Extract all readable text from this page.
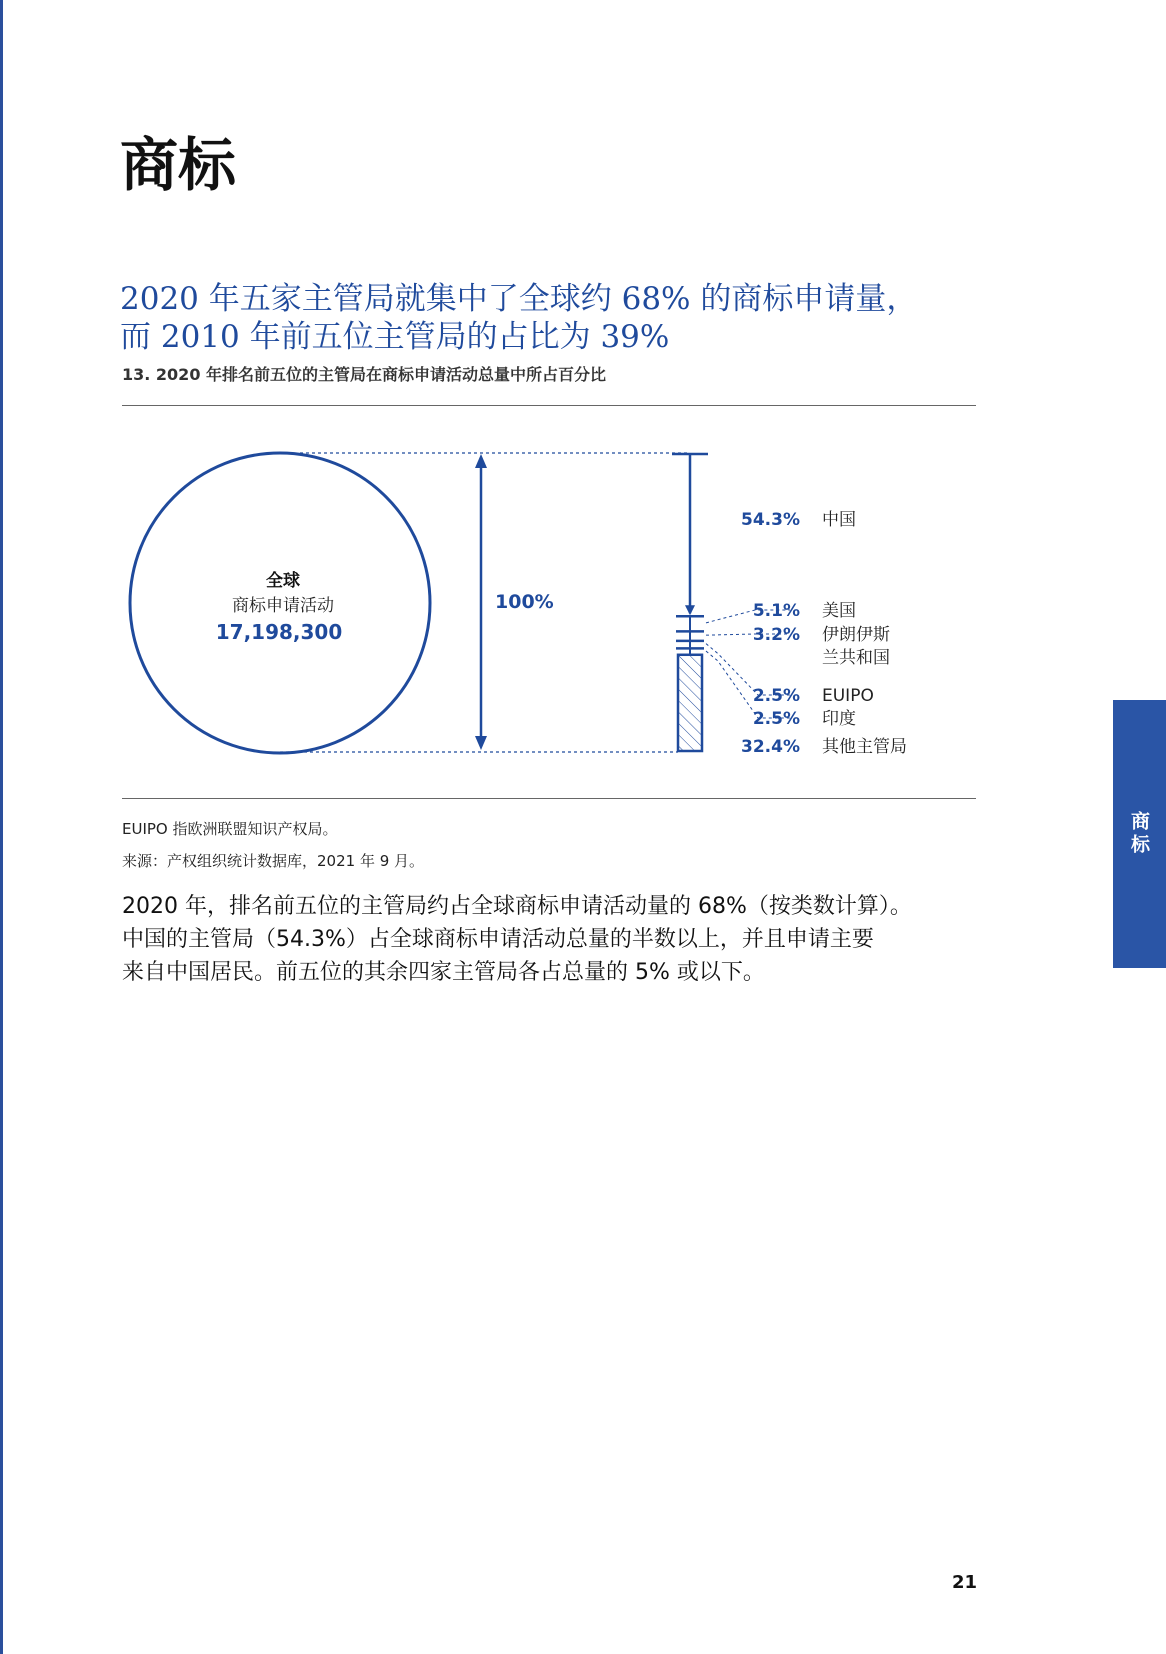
商标
2020 年五家主管局就集中了全球约 68% 的商标申请量，
而 2010 年前五位主管局的占比为 39%
13. 2020 年排名前五位的主管局在商标申请活动总量中所占百分比
全球
商标申请活动
17,198,300
100%
54.3% 中国
5.1% 美国
3.2% 伊朗伊斯
兰共和国
2.5% EUIPO
2.5% 印度
32.4% 其他主管局
EUIPO 指欧洲联盟知识产权局。
来源：产权组织统计数据库，2021 年 9 月。
2020 年，排名前五位的主管局约占全球商标申请活动量的 68%（按类数计算）。
中国的主管局（54.3%）占全球商标申请活动总量的半数以上，并且申请主要
来自中国居民。前五位的其余四家主管局各占总量的 5% 或以下。
商标
21
